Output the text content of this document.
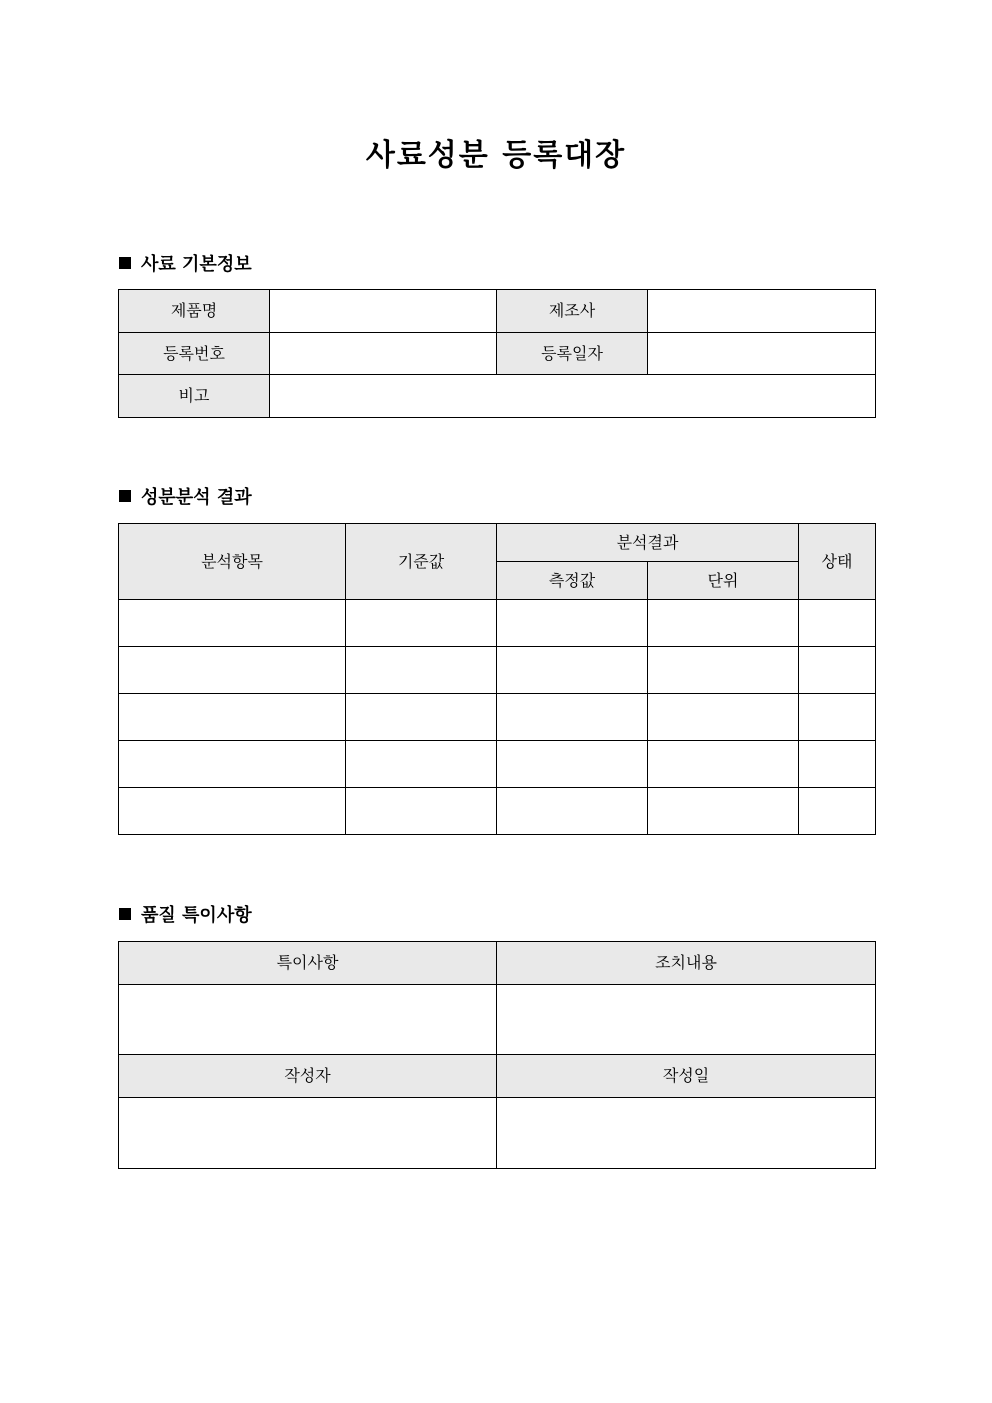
사료성분 등록대장
사료 기본정보
제품명		제조사	
등록번호		등록일자	
비고			
성분분석 결과
분석항목	기준값	분석결과		상태
		측정값	단위	

품질 특이사항
특이사항	조치내용

작성자	작성일
